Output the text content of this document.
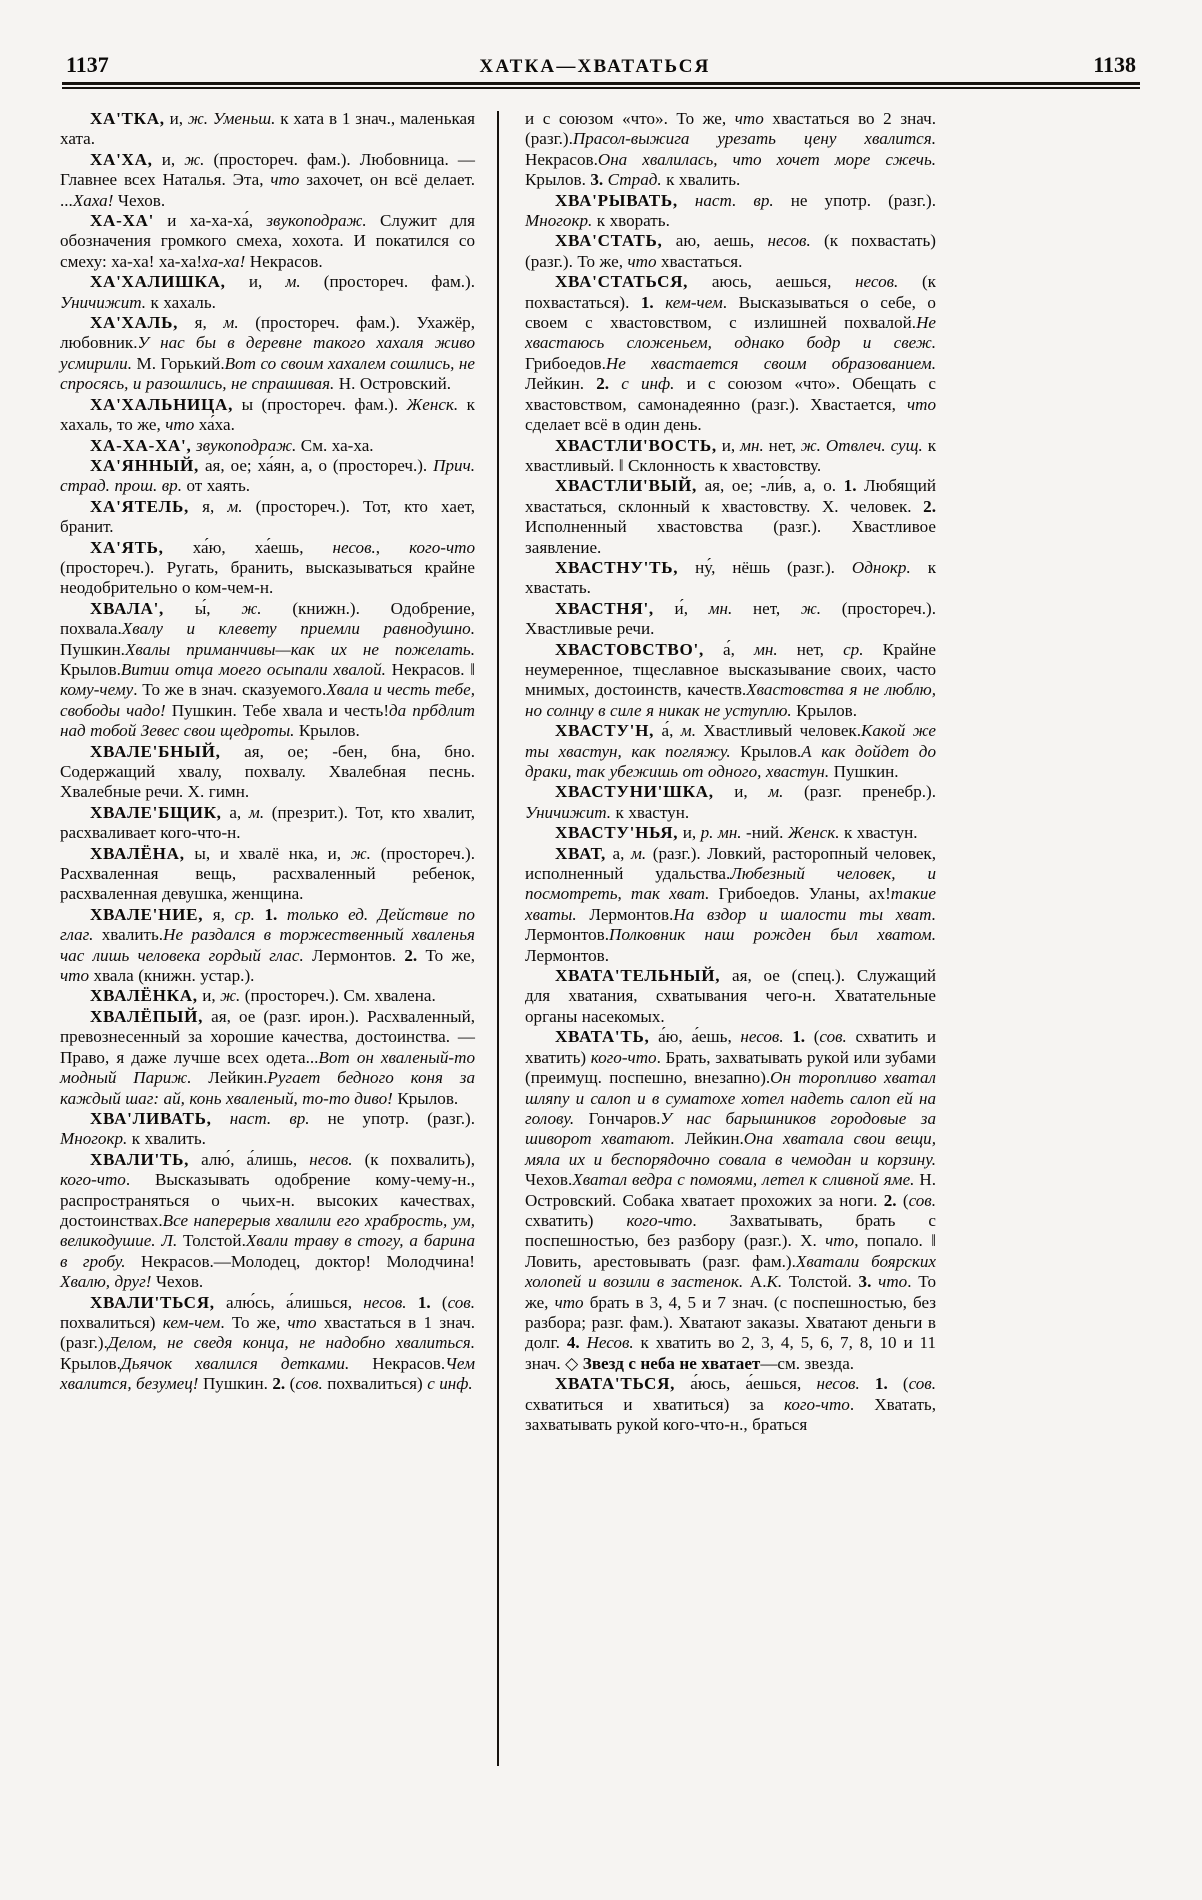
1137	ХАТКА—ХВАТАТЬСЯ	1138

ХА'ТКА, и, ж. Уменьш. к хата в 1 знач., маленькая хата.

ХА'ХА, и, ж. (простореч. фам.). Любовница. —Главнее всех Наталья. Эта, что захочет, он всё делает. ...Хаха! Чехов.

ХА-ХА' и ха-ха-ха́, звукоподраж. Служит для обозначения громкого смеха, хохота. И покатился со смеху: ха-ха! ха-ха!ха-ха! Некрасов.

ХА'ХАЛИШКА, и, м. (простореч. фам.). Уничижит. к хахаль.

ХА'ХАЛЬ, я, м. (простореч. фам.). Ухажёр, любовник.У нас бы в деревне такого хахаля живо усмирили. М. Горький.Вот со своим хахалем сошлись, не спросясь, и разошлись, не спрашивая. Н. Островский.

ХА'ХАЛЬНИЦА, ы (простореч. фам.). Женск. к хахаль, то же, что ха́ха.

ХА-ХА-ХА', звукоподраж. См. ха-ха.

ХА'ЯННЫЙ, ая, ое; ха́ян, а, о (простореч.). Прич. страд. прош. вр. от хаять.

ХА'ЯТЕЛЬ, я, м. (простореч.). Тот, кто хает, бранит.

ХА'ЯТЬ, ха́ю, ха́ешь, несов., кого-что (простореч.). Ругать, бранить, высказываться крайне неодобрительно о ком-чем-н.

ХВАЛА', ы́, ж. (книжн.). Одобрение, похвала.Хвалу и клевету приемли равнодушно. Пушкин.Хвалы приманчивы—как их не пожелать. Крылов.Витии отца моего осыпали хвалой. Некрасов. ‖ кому-чему. То же в знач. сказуемого.Хвала и честь тебе, свободы чадо! Пушкин. Тебе хвала и честь!да прбдлит над тобой Зевес свои щедроты. Крылов.

ХВАЛЕ'БНЫЙ, ая, ое; -бен, бна, бно. Содержащий хвалу, похвалу. Хвалебная песнь. Хвалебные речи. Х. гимн.

ХВАЛЕ'БЩИК, а, м. (презрит.). Тот, кто хвалит, расхваливает кого-что-н.

ХВАЛЁНА, ы, и хвалё нка, и, ж. (простореч.). Расхваленная вещь, расхваленный ребенок, расхваленная девушка, женщина.

ХВАЛЕ'НИЕ, я, ср. 1. только ед. Действие по глаг. хвалить.Не раздался в торжественный хваленья час лишь человека гордый глас. Лермонтов. 2. То же, что хвала (книжн. устар.).

ХВАЛЁНКА, и, ж. (простореч.). См. хвалена.

ХВАЛЁПЫЙ, ая, ое (разг. ирон.). Расхваленный, превознесенный за хорошие качества, достоинства. —Право, я даже лучше всех одета...Вот он хваленый-то модный Париж. Лейкин.Ругает бедного коня за каждый шаг: ай, конь хваленый, то-то диво! Крылов.

ХВА'ЛИВАТЬ, наст. вр. не употр. (разг.). Многокр. к хвалить.

ХВАЛИ'ТЬ, алю́, а́лишь, несов. (к похвалить), кого-что. Высказывать одобрение кому-чему-н., распространяться о чьих-н. высоких качествах, достоинствах.Все наперерыв хвалили его храбрость, ум, великодушие. Л. Толстой.Хвали траву в стогу, а барина в гробу. Некрасов.—Молодец, доктор! Молодчина!Хвалю, друг! Чехов.

ХВАЛИ'ТЬСЯ, алю́сь, а́лишься, несов. 1. (сов. похвалиться) кем-чем. То же, что хвастаться в 1 знач. (разг.).Делом, не сведя конца, не надобно хвалиться. Крылов.Дьячок хвалился детками. Некрасов.Чем хвалится, безумец! Пушкин. 2. (сов. похвалиться) с инф.

и с союзом «что». То же, что хвастаться во 2 знач. (разг.).Прасол-выжига урезать цену хвалится. Некрасов.Она хвалилась, что хочет море сжечь. Крылов. 3. Страд. к хвалить.

ХВА'РЫВАТЬ, наст. вр. не употр. (разг.). Многокр. к хворать.

ХВА'СТАТЬ, аю, аешь, несов. (к похвастать) (разг.). То же, что хвастаться.

ХВА'СТАТЬСЯ, аюсь, аешься, несов. (к похвастаться). 1. кем-чем. Высказываться о себе, о своем с хвастовством, с излишней похвалой.Не хвастаюсь сложеньем, однако бодр и свеж. Грибоедов.Не хвастается своим образованием. Лейкин. 2. с инф. и с союзом «что». Обещать с хвастовством, самонадеянно (разг.). Хвастается, что сделает всё в один день.

ХВАСТЛИ'ВОСТЬ, и, мн. нет, ж. Отвлеч. сущ. к хвастливый. ‖ Склонность к хвастовству.

ХВАСТЛИ'ВЫЙ, ая, ое; -ли́в, а, о. 1. Любящий хвастаться, склонный к хвастовству. Х. человек. 2. Исполненный хвастовства (разг.). Хвастливое заявление.

ХВАСТНУ'ТЬ, ну́, нёшь (разг.). Однокр. к хвастать.

ХВАСТНЯ', и́, мн. нет, ж. (простореч.). Хвастливые речи.

ХВАСТОВСТВО', а́, мн. нет, ср. Крайне неумеренное, тщеславное высказывание своих, часто мнимых, достоинств, качеств.Хвастовства я не люблю, но солнцу в силе я никак не уступлю. Крылов.

ХВАСТУ'Н, а́, м. Хвастливый человек.Какой же ты хвастун, как погляжу. Крылов.А как дойдет до драки, так убежишь от одного, хвастун. Пушкин.

ХВАСТУНИ'ШКА, и, м. (разг. пренебр.). Уничижит. к хвастун.

ХВАСТУ'НЬЯ, и, р. мн. -ний. Женск. к хвастун.

ХВАТ, а, м. (разг.). Ловкий, расторопный человек, исполненный удальства.Любезный человек, и посмотреть, так хват. Грибоедов. Уланы, ах!такие хваты. Лермонтов.На вздор и шалости ты хват. Лермонтов.Полковник наш рожден был хватом. Лермонтов.

ХВАТА'ТЕЛЬНЫЙ, ая, ое (спец.). Служащий для хватания, схватывания чего-н. Хватательные органы насекомых.

ХВАТА'ТЬ, а́ю, а́ешь, несов. 1. (сов. схватить и хватить) кого-что. Брать, захватывать рукой или зубами (преимущ. поспешно, внезапно).Он торопливо хватал шляпу и салоп и в суматохе хотел надеть салоп ей на голову. Гончаров.У нас барышников городовые за шиворот хватают. Лейкин.Она хватала свои вещи, мяла их и беспорядочно совала в чемодан и корзину. Чехов.Хватал ведра с помоями, летел к сливной яме. Н. Островский. Собака хватает прохожих за ноги. 2. (сов. схватить) кого-что. Захватывать, брать с поспешностью, без разбору (разг.). Х. что, попало. ‖ Ловить, арестовывать (разг. фам.).Хватали боярских холопей и возили в застенок. А.К. Толстой. 3. что. То же, что брать в 3, 4, 5 и 7 знач. (с поспешностью, без разбора; разг. фам.). Хватают заказы. Хватают деньги в долг. 4. Несов. к хватить во 2, 3, 4, 5, 6, 7, 8, 10 и 11 знач. ◇ Звезд с неба не хватает—см. звезда.

ХВАТА'ТЬСЯ, а́юсь, а́ешься, несов. 1. (сов. схватиться и хватиться) за кого-что. Хватать, захватывать рукой кого-что-н., браться
